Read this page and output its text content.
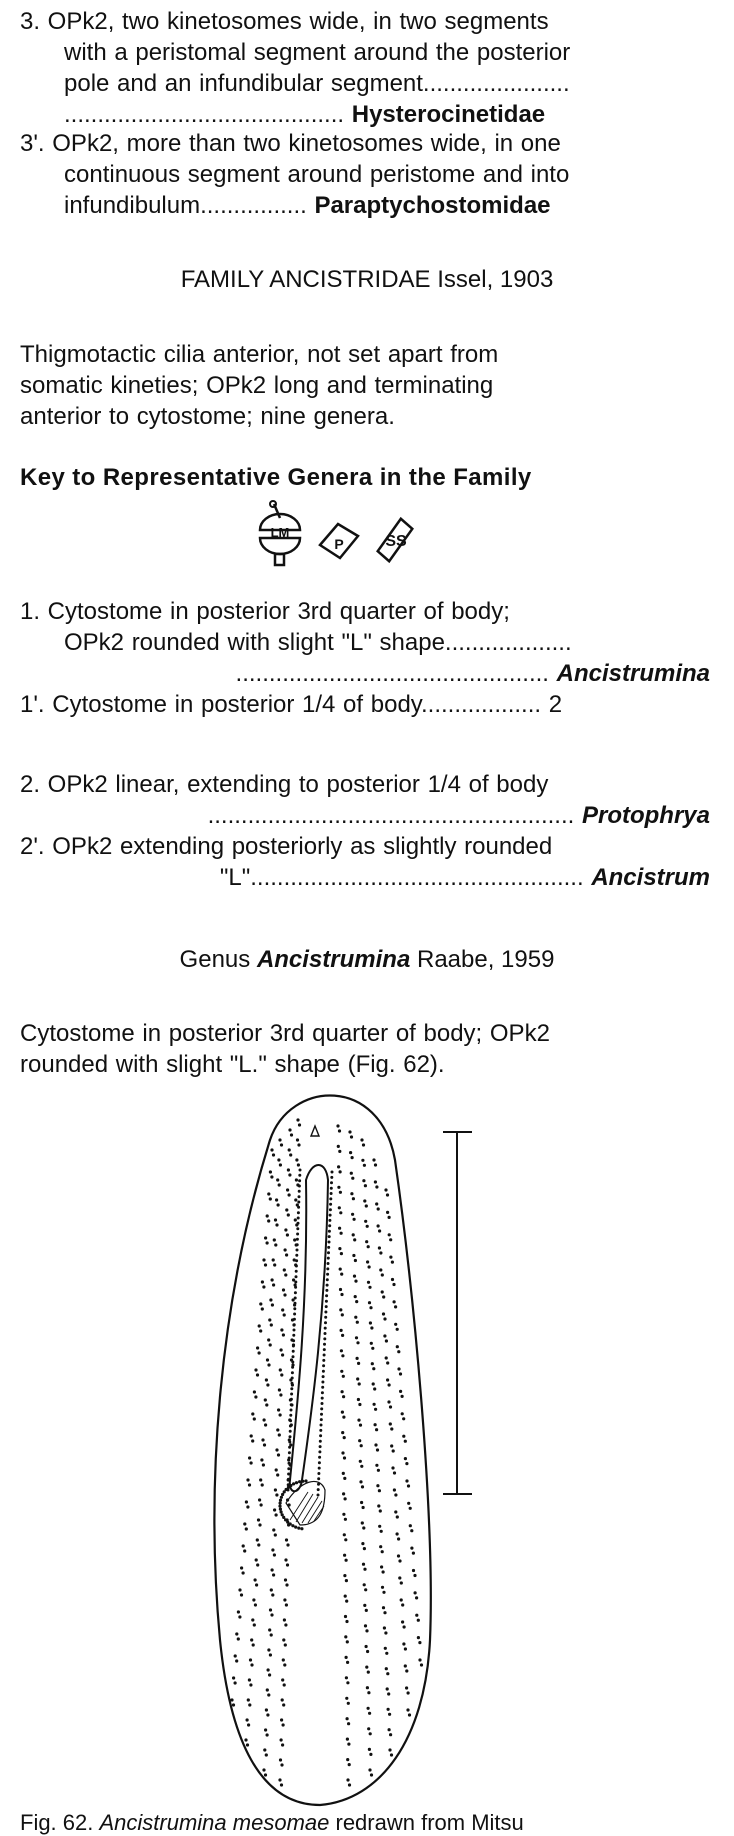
3. OPk2, two kinetosomes wide, in two segments
with a peristomal segment around the posterior
pole and an infundibular segment......................
.......................................... Hysterocinetidae
3'. OPk2, more than two kinetosomes wide, in one
continuous segment around peristome and into
infundibulum................ Paraptychostomidae
FAMILY ANCISTRIDAE Issel, 1903
Thigmotactic cilia anterior, not set apart from
somatic kineties; OPk2 long and terminating
anterior to cytostome; nine genera.
Key to Representative Genera in the Family
LM
P	SS
1. Cytostome in posterior 3rd quarter of body;
OPk2 rounded with slight "L" shape...................
............................................... Ancistrumina
1'. Cytostome in posterior 1/4 of body.................. 2
2. OPk2 linear, extending to posterior 1/4 of body
....................................................... Protophrya
2'. OPk2 extending posteriorly as slightly rounded
"L".................................................. Ancistrum
Genus Ancistrumina Raabe, 1959
Cytostome in posterior 3rd quarter of body; OPk2
rounded with slight "L." shape (Fig. 62).
Fig. 62. Ancistrumina mesomae redrawn from Mitsu
